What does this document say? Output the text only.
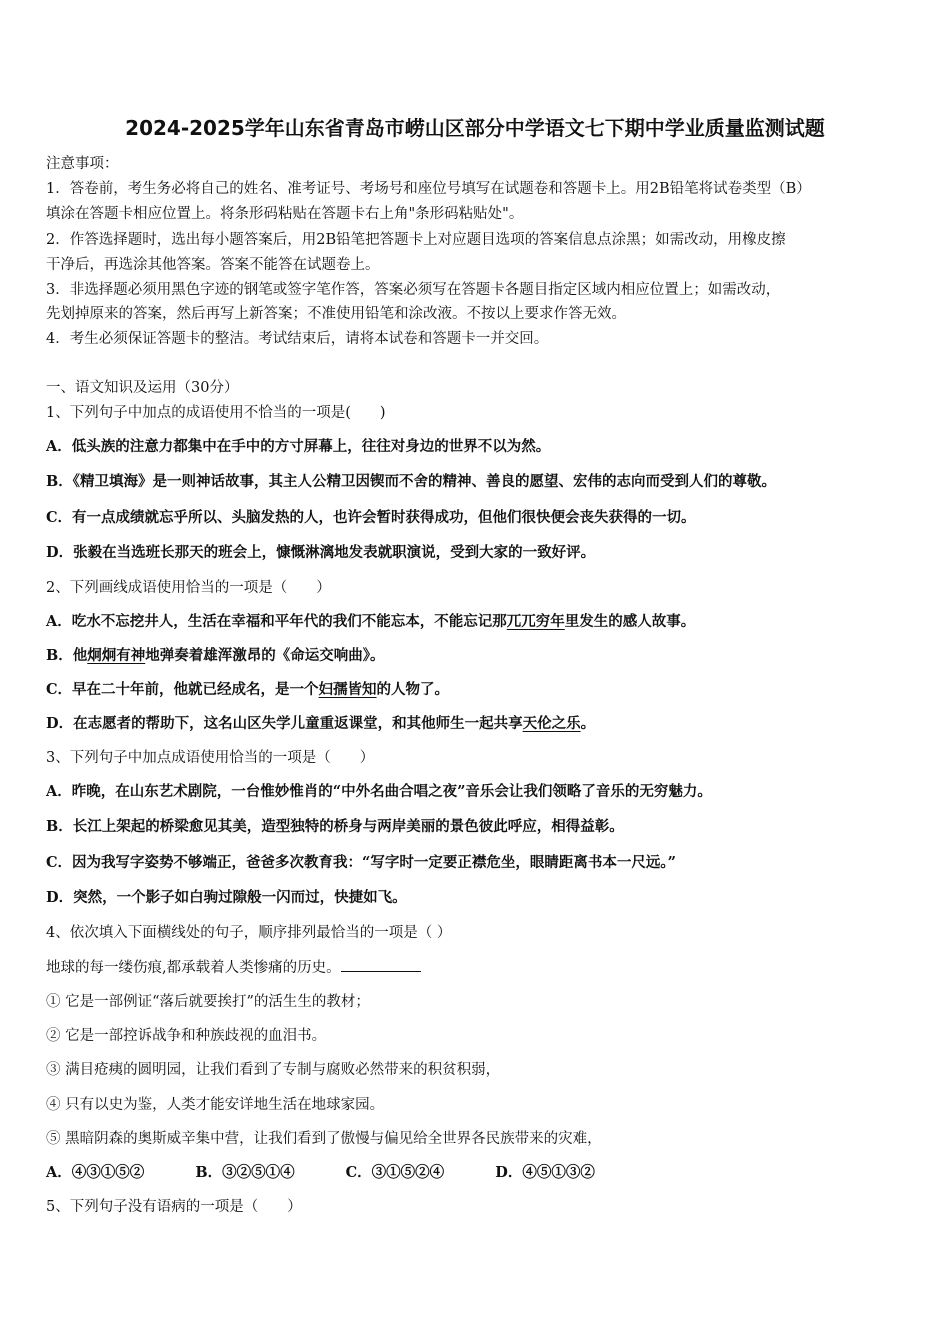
2024-2025学年山东省青岛市崂山区部分中学语文七下期中学业质量监测试题
注意事项：
1．答卷前，考生务必将自己的姓名、准考证号、考场号和座位号填写在试题卷和答题卡上。用2B铅笔将试卷类型（B）
填涂在答题卡相应位置上。将条形码粘贴在答题卡右上角"条形码粘贴处"。
2．作答选择题时，选出每小题答案后，用2B铅笔把答题卡上对应题目选项的答案信息点涂黑；如需改动，用橡皮擦
干净后，再选涂其他答案。答案不能答在试题卷上。
3．非选择题必须用黑色字迹的钢笔或签字笔作答，答案必须写在答题卡各题目指定区域内相应位置上；如需改动，
先划掉原来的答案，然后再写上新答案；不准使用铅笔和涂改液。不按以上要求作答无效。
4．考生必须保证答题卡的整洁。考试结束后，请将本试卷和答题卡一并交回。
一、语文知识及运用（30分）
1、下列句子中加点的成语使用不恰当的一项是(　　)
A．低头族的注意力都集中在手中的方寸屏幕上，往往对身边的世界不以为然。
B．《精卫填海》是一则神话故事，其主人公精卫因锲而不舍的精神、善良的愿望、宏伟的志向而受到人们的尊敬。
C．有一点成绩就忘乎所以、头脑发热的人，也许会暂时获得成功，但他们很快便会丧失获得的一切。
D．张毅在当选班长那天的班会上，慷慨淋漓地发表就职演说，受到大家的一致好评。
2、下列画线成语使用恰当的一项是（　　）
A．吃水不忘挖井人，生活在幸福和平年代的我们不能忘本，不能忘记那兀兀穷年里发生的感人故事。
B．他炯炯有神地弹奏着雄浑激昂的《命运交响曲》。
C．早在二十年前，他就已经成名，是一个妇孺皆知的人物了。
D．在志愿者的帮助下，这名山区失学儿童重返课堂，和其他师生一起共享天伦之乐。
3、下列句子中加点成语使用恰当的一项是（　　）
A．昨晚，在山东艺术剧院，一台惟妙惟肖的“中外名曲合唱之夜”音乐会让我们领略了音乐的无穷魅力。
B．长江上架起的桥梁愈见其美，造型独特的桥身与两岸美丽的景色彼此呼应，相得益彰。
C．因为我写字姿势不够端正，爸爸多次教育我：“写字时一定要正襟危坐，眼睛距离书本一尺远。”
D．突然，一个影子如白驹过隙般一闪而过，快捷如飞。
4、依次填入下面横线处的句子，顺序排列最恰当的一项是（ ）
地球的每一缕伤痕,都承载着人类惨痛的历史。
① 它是一部例证“落后就要挨打”的活生生的教材；
② 它是一部控诉战争和种族歧视的血泪书。
③ 满目疮痍的圆明园，让我们看到了专制与腐败必然带来的积贫积弱，
④ 只有以史为鉴，人类才能安详地生活在地球家园。
⑤ 黑暗阴森的奥斯威辛集中营，让我们看到了傲慢与偏见给全世界各民族带来的灾难，
A．④③①⑤②	B．③②⑤①④	C．③①⑤②④	D．④⑤①③②
5、下列句子没有语病的一项是（　　）
